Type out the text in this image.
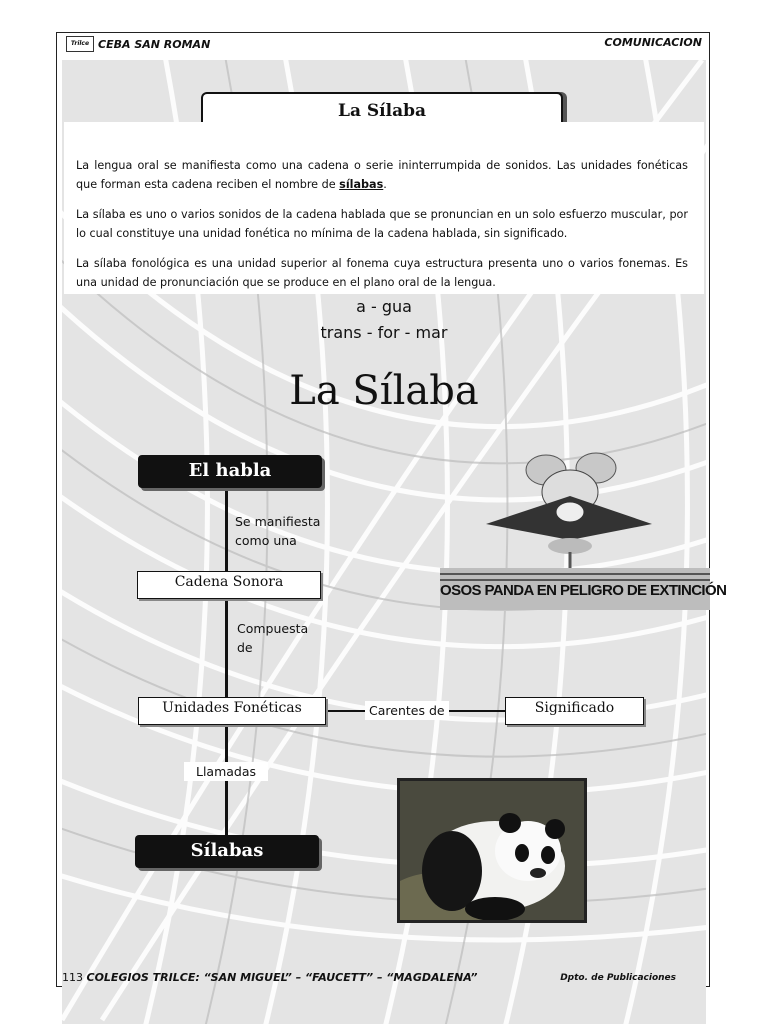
Trilce CEBA SAN ROMAN	COMUNICACION
La Sílaba
La lengua oral se manifiesta como una cadena o serie ininterrumpida de sonidos. Las unidades fonéticas que forman esta cadena reciben el nombre de sílabas.
La sílaba es uno o varios sonidos de la cadena hablada que se pronuncian en un solo esfuerzo muscular, por lo cual constituye una unidad fonética no mínima de la cadena hablada, sin significado.
La sílaba fonológica es una unidad superior al fonema cuya estructura presenta uno o varios fonemas. Es una unidad de pronunciación que se produce en el plano oral de la lengua.
a - gua
trans - for - mar
La Sílaba
El habla
Se manifiesta como una
Cadena Sonora
Compuesta de
Unidades Fonéticas	Carentes de	Significado
Llamadas
Sílabas
OSOS PANDA EN PELIGRO DE EXTINCIÓN
113 COLEGIOS TRILCE: “SAN MIGUEL” – “FAUCETT” – “MAGDALENA”	Dpto. de Publicaciones
